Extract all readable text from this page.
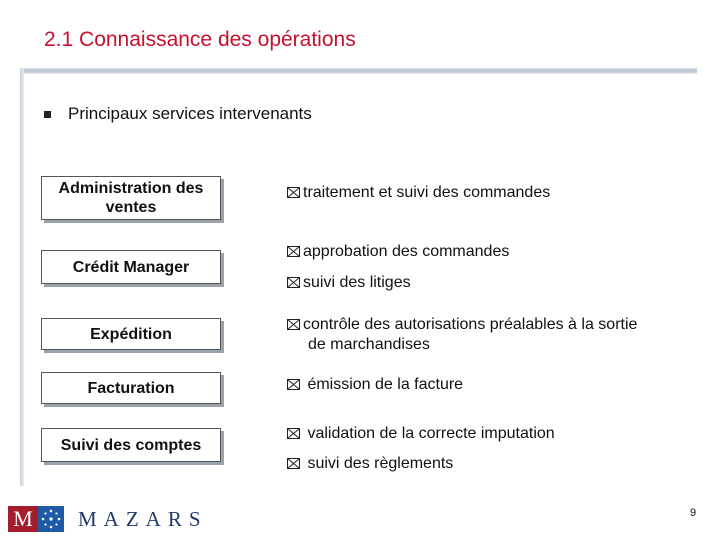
2.1 Connaissance des opérations
Principaux services intervenants
Administration des ventes
Crédit Manager
Expédition
Facturation
Suivi des comptes
traitement et suivi des commandes
approbation des commandes
suivi des litiges
contrôle des autorisations préalables à la sortie
de marchandises
émission de la facture
validation de la correcte imputation
suivi des règlements
M MAZARS	9
